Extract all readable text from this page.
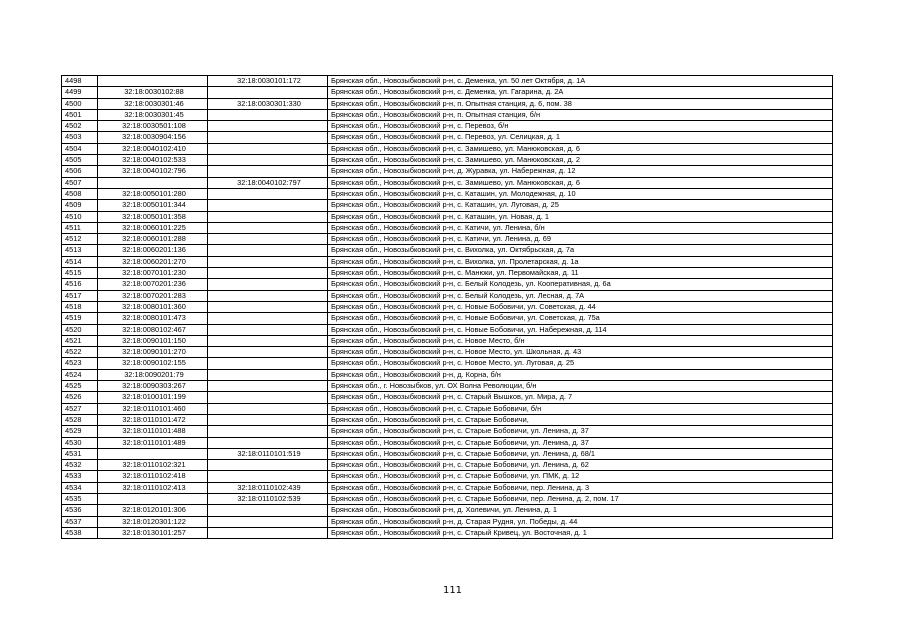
4498		32:18:0030101:172	Брянская обл., Новозыбковский р-н, с. Деменка, ул. 50 лет Октября, д. 1А
4499	32:18:0030102:88		Брянская обл., Новозыбковский р-н, с. Деменка, ул. Гагарина, д. 2А
4500	32:18:0030301:46	32:18:0030301:330	Брянская обл., Новозыбковский р-н, п. Опытная станция, д. 6, пом. 38
4501	32:18:0030301:45		Брянская обл., Новозыбковский р-н, п. Опытная станция, б/н
4502	32:18:0030501:108		Брянская обл., Новозыбковский р-н, с. Перевоз, б/н
4503	32:18:0030904:156		Брянская обл., Новозыбковский р-н, с. Перевоз, ул. Селицкая, д. 1
4504	32:18:0040102:410		Брянская обл., Новозыбковский р-н, с. Замишево, ул. Манюковская, д. 6
4505	32:18:0040102:533		Брянская обл., Новозыбковский р-н, с. Замишево, ул. Манюковская, д. 2
4506	32:18:0040102:796		Брянская обл., Новозыбковский р-н, д. Журавка, ул. Набережная, д. 12
4507		32:18:0040102:797	Брянская обл., Новозыбковский р-н, с. Замишево, ул. Манюковская, д. 6
4508	32:18:0050101:280		Брянская обл., Новозыбковский р-н, с. Каташин, ул. Молодежная, д. 10
4509	32:18:0050101:344		Брянская обл., Новозыбковский р-н, с. Каташин, ул. Луговая, д. 25
4510	32:18:0050101:358		Брянская обл., Новозыбковский р-н, с. Каташин, ул. Новая, д. 1
4511	32:18:0060101:225		Брянская обл., Новозыбковский р-н, с. Катичи, ул. Ленина, б/н
4512	32:18:0060101:288		Брянская обл., Новозыбковский р-н, с. Катичи, ул. Ленина, д. 69
4513	32:18:0060201:136		Брянская обл., Новозыбковский р-н, с. Вихолка, ул. Октябрьская, д. 7а
4514	32:18:0060201:270		Брянская обл., Новозыбковский р-н, с. Вихолка, ул. Пролетарская, д. 1а
4515	32:18:0070101:230		Брянская обл., Новозыбковский р-н, с. Манюки, ул. Первомайская, д. 11
4516	32:18:0070201:236		Брянская обл., Новозыбковский р-н, с. Белый Колодезь, ул. Кооперативная, д. 6а
4517	32:18:0070201:283		Брянская обл., Новозыбковский р-н, с. Белый Колодезь, ул. Лесная, д. 7А
4518	32:18:0080101:360		Брянская обл., Новозыбковский р-н, с. Новые Бобовичи, ул. Советская, д. 44
4519	32:18:0080101:473		Брянская обл., Новозыбковский р-н, с. Новые Бобовичи, ул. Советская, д. 75а
4520	32:18:0080102:467		Брянская обл., Новозыбковский р-н, с. Новые Бобовичи, ул. Набережная, д. 114
4521	32:18:0090101:150		Брянская обл., Новозыбковский р-н, с. Новое Место, б/н
4522	32:18:0090101:270		Брянская обл., Новозыбковский р-н, с. Новое Место, ул. Школьная, д. 43
4523	32:18:0090102:155		Брянская обл., Новозыбковский р-н, с. Новое Место, ул. Луговая, д. 25
4524	32:18:0090201:79		Брянская обл., Новозыбковский р-н, д. Корна, б/н
4525	32:18:0090303:267		Брянская обл., г. Новозыбков, ул. ОХ Волна Революции, б/н
4526	32:18:0100101:199		Брянская обл., Новозыбковский р-н, с. Старый Вышков, ул. Мира, д. 7
4527	32:18:0110101:460		Брянская обл., Новозыбковский р-н, с. Старые Бобовичи, б/н
4528	32:18:0110101:472		Брянская обл., Новозыбковский р-н, с. Старые Бобовичи,
4529	32:18:0110101:488		Брянская обл., Новозыбковский р-н, с. Старые Бобовичи, ул. Ленина, д. 37
4530	32:18:0110101:489		Брянская обл., Новозыбковский р-н, с. Старые Бобовичи, ул. Ленина, д. 37
4531		32:18:0110101:519	Брянская обл., Новозыбковский р-н, с. Старые Бобовичи, ул. Ленина, д. 68/1
4532	32:18:0110102:321		Брянская обл., Новозыбковский р-н, с. Старые Бобовичи, ул. Ленина, д. 62
4533	32:18:0110102:418		Брянская обл., Новозыбковский р-н, с. Старые Бобовичи, ул. ПМК, д. 12
4534	32:18:0110102:413	32:18:0110102:439	Брянская обл., Новозыбковский р-н, с. Старые Бобовичи, пер. Ленина, д. 3
4535		32:18:0110102:539	Брянская обл., Новозыбковский р-н, с. Старые Бобовичи, пер. Ленина, д. 2, пом. 17
4536	32:18:0120101:306		Брянская обл., Новозыбковский р-н, д. Холевичи, ул. Ленина, д. 1
4537	32:18:0120301:122		Брянская обл., Новозыбковский р-н, д. Старая Рудня, ул. Победы, д. 44
4538	32:18:0130101:257		Брянская обл., Новозыбковский р-н, с. Старый Кривец, ул. Восточная, д. 1
111
